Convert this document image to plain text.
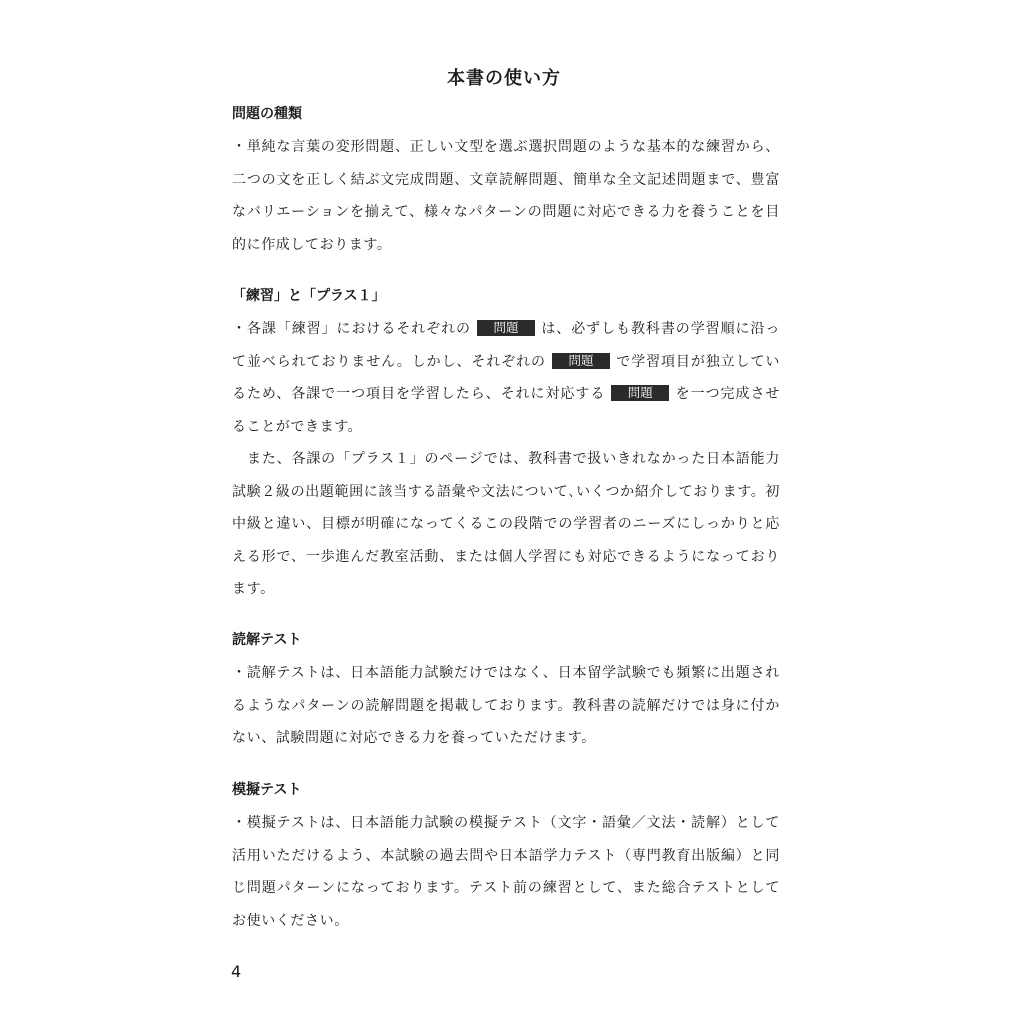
本書の使い方
問題の種類

・単純な言葉の変形問題、正しい文型を選ぶ選択問題のような基本的な練習から、二つの文を正しく結ぶ文完成問題、文章読解問題、簡単な全文記述問題まで、豊富なバリエーションを揃えて、様々なパターンの問題に対応できる力を養うことを目的に作成しております。

「練習」と「プラス１」

・各課「練習」におけるそれぞれの 問題 は、必ずしも教科書の学習順に沿って並べられておりません。しかし、それぞれの 問題 で学習項目が独立しているため、各課で一つ項目を学習したら、それに対応する 問題 を一つ完成させることができます。

また、各課の「プラス１」のページでは、教科書で扱いきれなかった日本語能力試験２級の出題範囲に該当する語彙や文法について､いくつか紹介しております。初中級と違い、目標が明確になってくるこの段階での学習者のニーズにしっかりと応える形で、一歩進んだ教室活動、または個人学習にも対応できるようになっております。

読解テスト

・読解テストは、日本語能力試験だけではなく、日本留学試験でも頻繁に出題されるようなパターンの読解問題を掲載しております。教科書の読解だけでは身に付かない、試験問題に対応できる力を養っていただけます。

模擬テスト

・模擬テストは、日本語能力試験の模擬テスト（文字・語彙／文法・読解）として活用いただけるよう、本試験の過去問や日本語学力テスト（専門教育出版編）と同じ問題パターンになっております。テスト前の練習として、また総合テストとしてお使いください。

4
